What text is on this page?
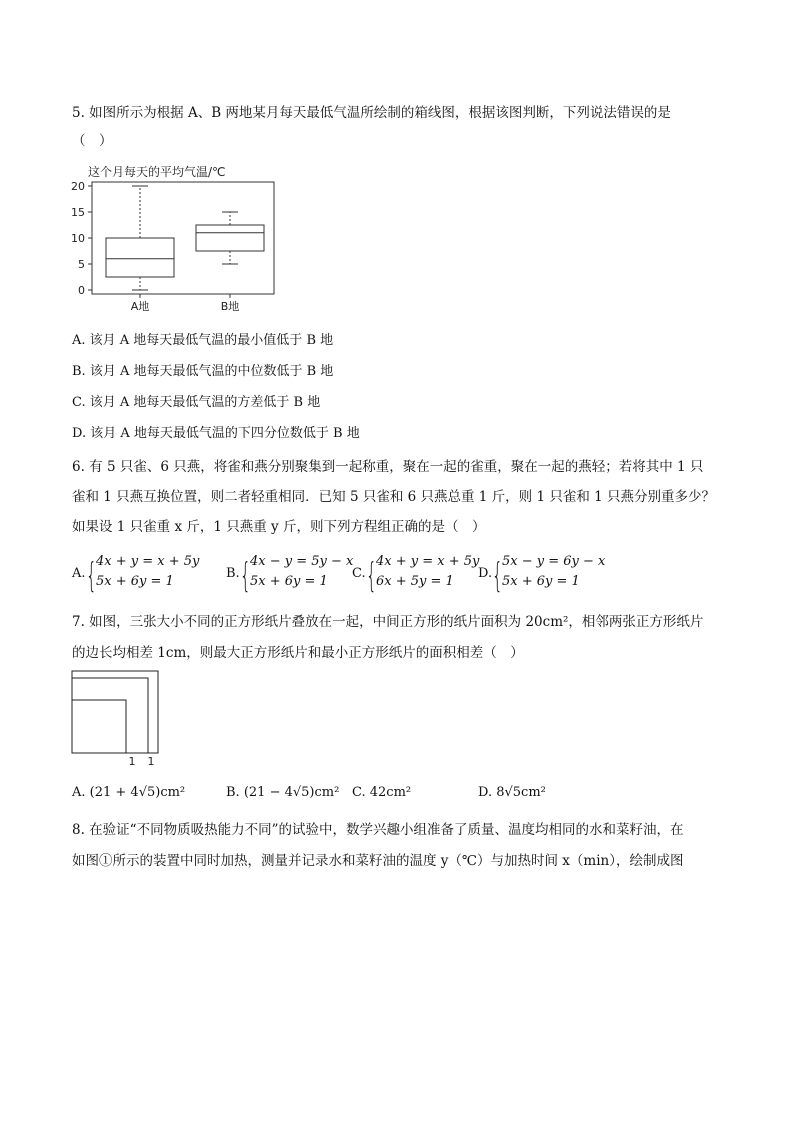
5. 如图所示为根据 A、B 两地某月每天最低气温所绘制的箱线图，根据该图判断，下列说法错误的是
（　）
这个月每天的平均气温/℃
0
5
10
15
20
A地	B地
A. 该月 A 地每天最低气温的最小值低于 B 地
B. 该月 A 地每天最低气温的中位数低于 B 地
C. 该月 A 地每天最低气温的方差低于 B 地
D. 该月 A 地每天最低气温的下四分位数低于 B 地
6. 有 5 只雀、6 只燕，将雀和燕分别聚集到一起称重，聚在一起的雀重，聚在一起的燕轻；若将其中 1 只
雀和 1 只燕互换位置，则二者轻重相同．已知 5 只雀和 6 只燕总重 1 斤，则 1 只雀和 1 只燕分别重多少？
如果设 1 只雀重 x 斤，1 只燕重 y 斤，则下列方程组正确的是（　）
A. { 4x + y = x + 5y
5x + 6y = 1
B. { 4x − y = 5y − x
5x + 6y = 1
C. { 4x + y = x + 5y
6x + 5y = 1
D. { 5x − y = 6y − x
5x + 6y = 1
7. 如图，三张大小不同的正方形纸片叠放在一起，中间正方形的纸片面积为 20cm²，相邻两张正方形纸片
的边长均相差 1cm，则最大正方形纸片和最小正方形纸片的面积相差（　）
1 1
A. (21 + 4√5)cm²	B. (21 − 4√5)cm² C. 42cm²	D. 8√5cm²
8. 在验证“不同物质吸热能力不同”的试验中，数学兴趣小组准备了质量、温度均相同的水和菜籽油，在
如图①所示的装置中同时加热，测量并记录水和菜籽油的温度 y（℃）与加热时间 x（min），绘制成图
